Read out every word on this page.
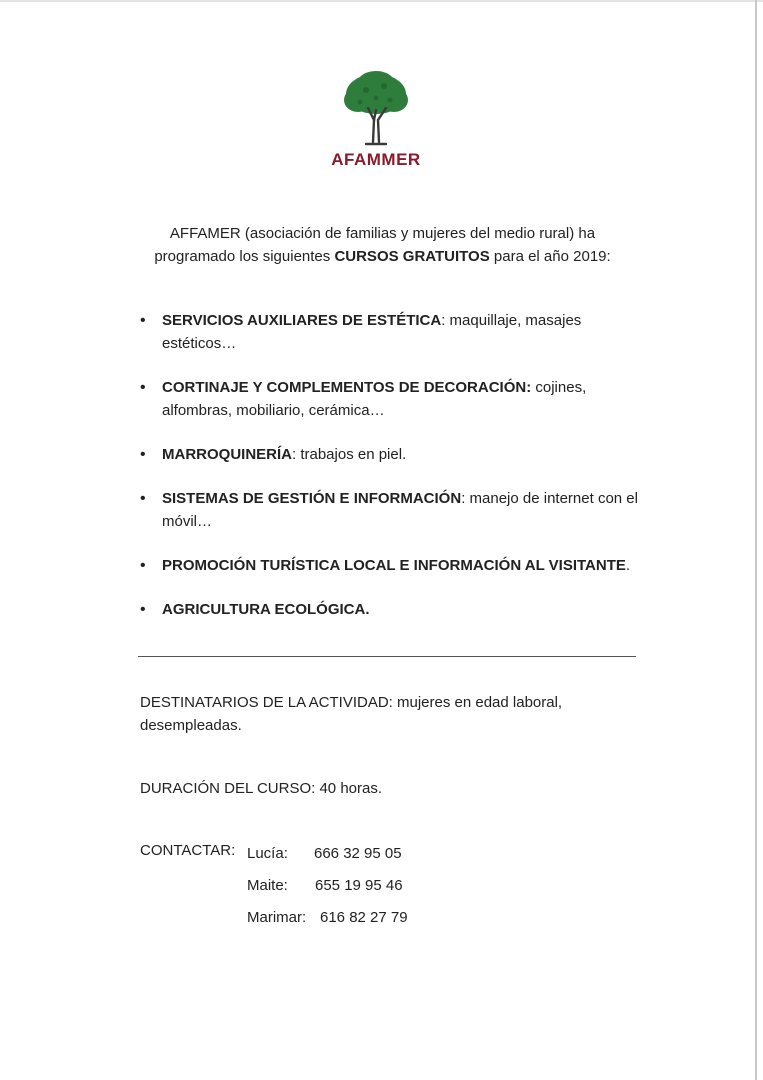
AFAMMER
AFFAMER (asociación de familias y mujeres del medio rural) ha programado los siguientes CURSOS GRATUITOS para el año 2019:
• SERVICIOS AUXILIARES DE ESTÉTICA: maquillaje, masajes estéticos…
• CORTINAJE Y COMPLEMENTOS DE DECORACIÓN: cojines, alfombras, mobiliario, cerámica…
• MARROQUINERÍA: trabajos en piel.
• SISTEMAS DE GESTIÓN E INFORMACIÓN: manejo de internet con el móvil…
• PROMOCIÓN TURÍSTICA LOCAL E INFORMACIÓN AL VISITANTE.
• AGRICULTURA ECOLÓGICA.
DESTINATARIOS DE LA ACTIVIDAD: mujeres en edad laboral, desempleadas.
DURACIÓN DEL CURSO: 40 horas.
CONTACTAR: Lucía: 666 32 95 05
Maite: 655 19 95 46
Marimar: 616 82 27 79
